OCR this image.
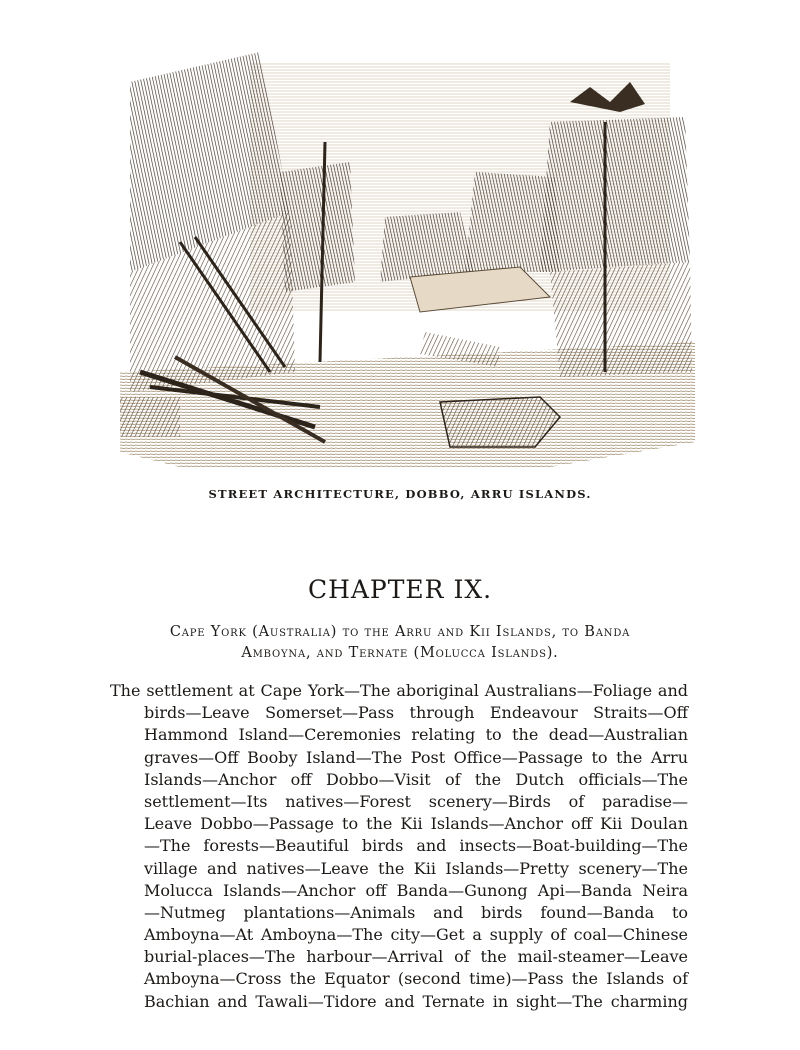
STREET ARCHITECTURE, DOBBO, ARRU ISLANDS.
CHAPTER IX.
Cape York (Australia) to the Arru and Kii Islands, to Banda
Amboyna, and Ternate (Molucca Islands).
The settlement at Cape York—The aboriginal Australians—Foliage and
birds—Leave Somerset—Pass through Endeavour Straits—Off
Hammond Island—Ceremonies relating to the dead—Australian
graves—Off Booby Island—The Post Office—Passage to the Arru
Islands—Anchor off Dobbo—Visit of the Dutch officials—The
settlement—Its natives—Forest scenery—Birds of paradise—
Leave Dobbo—Passage to the Kii Islands—Anchor off Kii Doulan
—The forests—Beautiful birds and insects—Boat-building—The
village and natives—Leave the Kii Islands—Pretty scenery—The
Molucca Islands—Anchor off Banda—Gunong Api—Banda Neira
—Nutmeg plantations—Animals and birds found—Banda to
Amboyna—At Amboyna—The city—Get a supply of coal—Chinese
burial-places—The harbour—Arrival of the mail-steamer—Leave
Amboyna—Cross the Equator (second time)—Pass the Islands of
Bachian and Tawali—Tidore and Ternate in sight—The charming
